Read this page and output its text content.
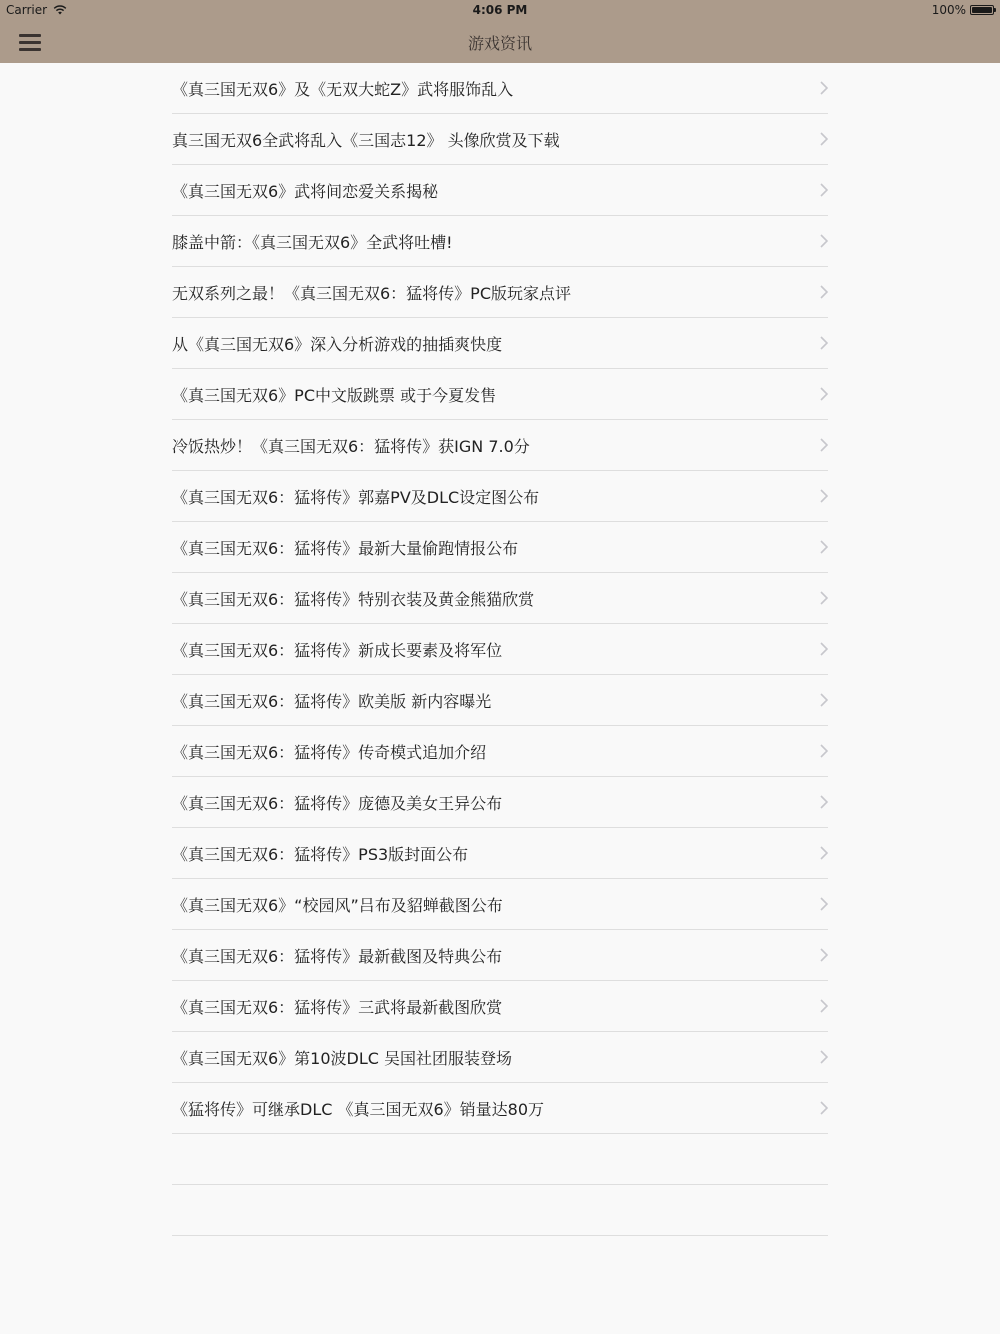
Carrier	4:06 PM	100%
游戏资讯
《真三国无双6》及《无双大蛇Z》武将服饰乱入
真三国无双6全武将乱入《三国志12》 头像欣赏及下载
《真三国无双6》武将间恋爱关系揭秘
膝盖中箭：《真三国无双6》全武将吐槽!
无双系列之最！《真三国无双6：猛将传》PC版玩家点评
从《真三国无双6》深入分析游戏的抽插爽快度
《真三国无双6》PC中文版跳票 或于今夏发售
冷饭热炒！《真三国无双6：猛将传》获IGN 7.0分
《真三国无双6：猛将传》郭嘉PV及DLC设定图公布
《真三国无双6：猛将传》最新大量偷跑情报公布
《真三国无双6：猛将传》特别衣装及黄金熊猫欣赏
《真三国无双6：猛将传》新成长要素及将军位
《真三国无双6：猛将传》欧美版 新内容曝光
《真三国无双6：猛将传》传奇模式追加介绍
《真三国无双6：猛将传》庞德及美女王异公布
《真三国无双6：猛将传》PS3版封面公布
《真三国无双6》“校园风”吕布及貂蝉截图公布
《真三国无双6：猛将传》最新截图及特典公布
《真三国无双6：猛将传》三武将最新截图欣赏
《真三国无双6》第10波DLC 吴国社团服装登场
《猛将传》可继承DLC 《真三国无双6》销量达80万
